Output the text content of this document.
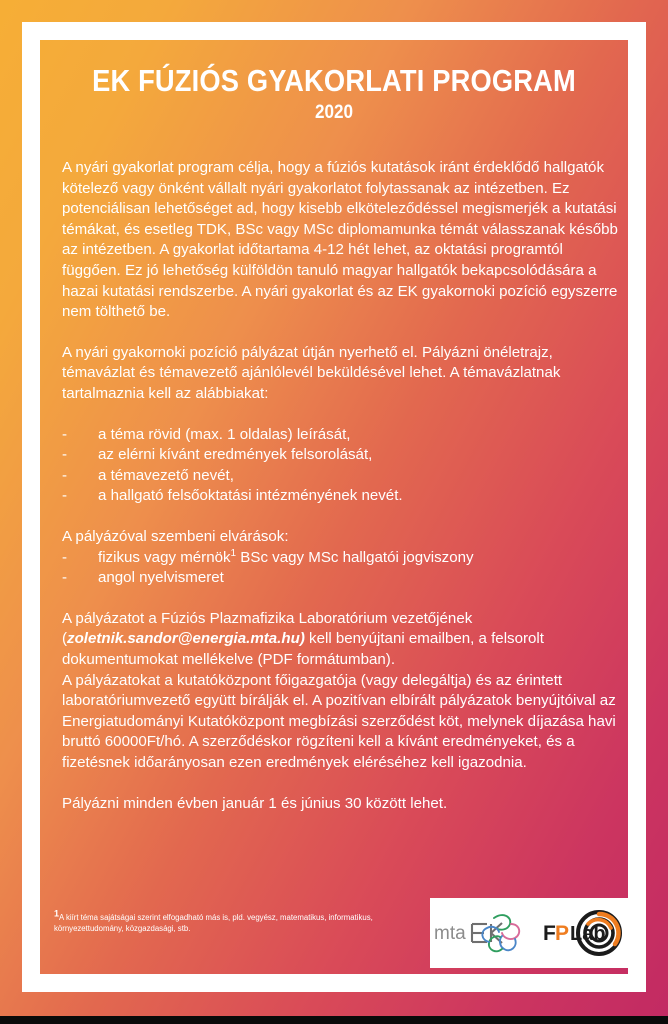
EK FÚZIÓS GYAKORLATI PROGRAM
2020
A nyári gyakorlat program célja, hogy a fúziós kutatások iránt érdeklődő hallgatók kötelező vagy önként vállalt nyári gyakorlatot folytassanak az intézetben. Ez potenciálisan lehetőséget ad, hogy kisebb elköteleződéssel megismerjék a kutatási témákat, és esetleg TDK, BSc vagy MSc diplomamunka témát válasszanak később az intézetben. A gyakorlat időtartama 4-12 hét lehet, az oktatási programtól függően. Ez jó lehetőség külföldön tanuló magyar hallgatók bekapcsolódására a hazai kutatási rendszerbe. A nyári gyakorlat és az EK gyakornoki pozíció egyszerre nem tölthető be.
A nyári gyakornoki pozíció pályázat útján nyerhető el. Pályázni önéletrajz, témavázlat és témavezető ajánlólevél beküldésével lehet. A témavázlatnak tartalmaznia kell az alábbiakat:
-	a téma rövid (max. 1 oldalas) leírását,
-	az elérni kívánt eredmények felsorolását,
-	a témavezető nevét,
-	a hallgató felsőoktatási intézményének nevét.
A pályázóval szembeni elvárások:
-	fizikus vagy mérnök$^1$ BSc vagy MSc hallgatói jogviszony
-	angol nyelvismeret
A pályázatot a Fúziós Plazmafizika Laboratórium vezetőjének (zoletnik.sandor@energia.mta.hu) kell benyújtani emailben, a felsorolt dokumentumokat mellékelve (PDF formátumban).
A pályázatokat a kutatóközpont főigazgatója (vagy delegáltja) és az érintett laboratóriumvezető együtt bírálják el. A pozitívan elbírált pályázatok benyújtóival az Energiatudományi Kutatóközpont megbízási szerződést köt, melynek díjazása havi bruttó 60000Ft/hó. A szerződéskor rögzíteni kell a kívánt eredményeket, és a fizetésnek időarányosan ezen eredmények eléréséhez kell igazodnia.
Pályázni minden évben január 1 és június 30 között lehet.
$^1$A kiírt téma sajátságai szerint elfogadható más is, pld. vegyész, matematikus, informatikus, környezettudomány, közgazdasági, stb.	mta	F P Lab
